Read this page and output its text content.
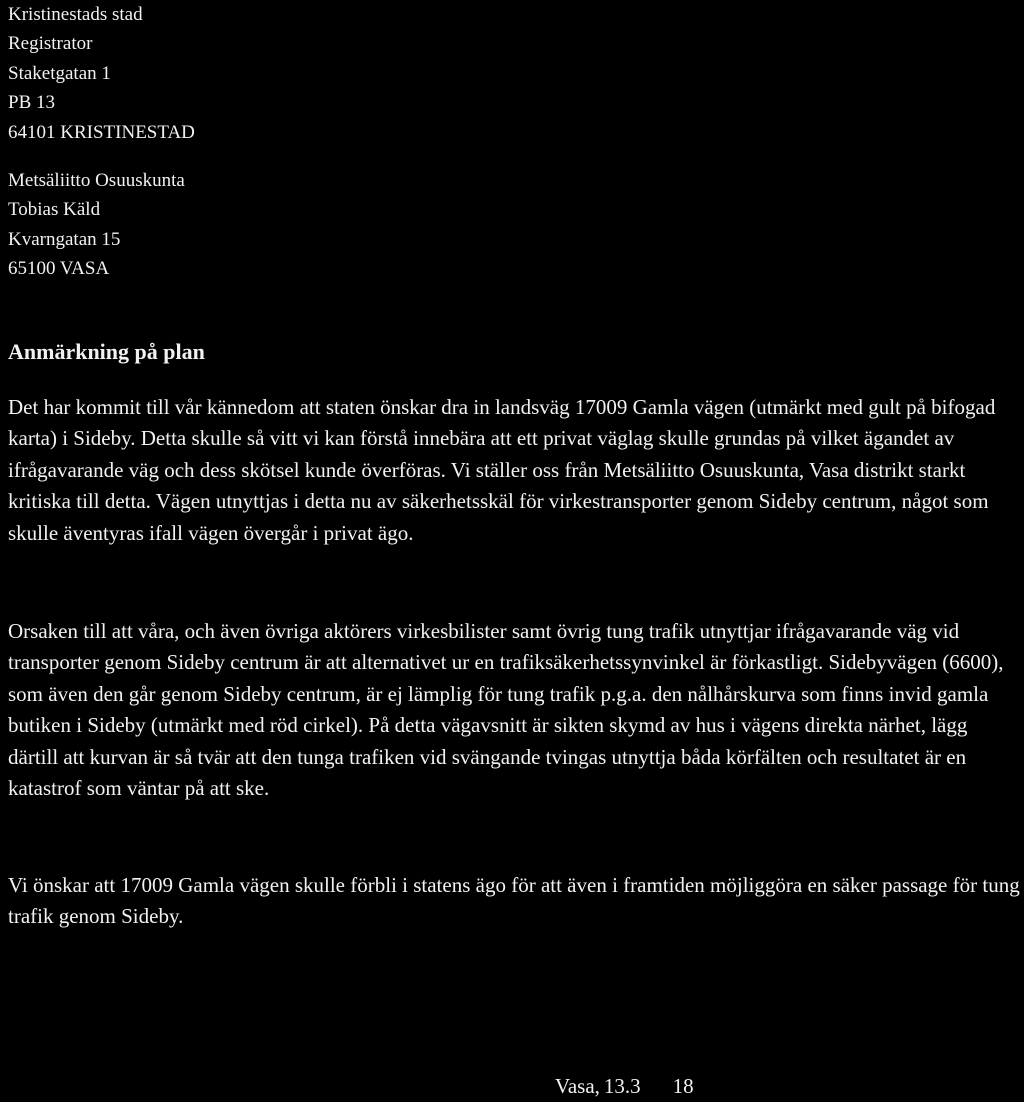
Kristinestads stad
Registrator
Staketgatan 1
PB 13
64101 KRISTINESTAD
Metsäliitto Osuuskunta
Tobias Käld
Kvarngatan 15
65100 VASA
Anmärkning på plan

Det har kommit till vår kännedom att staten önskar dra in landsväg 17009 Gamla vägen (utmärkt med gult på bifogad karta) i Sideby. Detta skulle så vitt vi kan förstå innebära att ett privat väglag skulle grundas på vilket ägandet av ifrågavarande väg och dess skötsel kunde överföras. Vi ställer oss från Metsäliitto Osuuskunta, Vasa distrikt starkt kritiska till detta. Vägen utnyttjas i detta nu av säkerhetsskäl för virkestransporter genom Sideby centrum, något som skulle äventyras ifall vägen övergår i privat ägo.

Orsaken till att våra, och även övriga aktörers virkesbilister samt övrig tung trafik utnyttjar ifrågavarande väg vid transporter genom Sideby centrum är att alternativet ur en trafiksäkerhetssynvinkel är förkastligt. Sidebyvägen (6600), som även den går genom Sideby centrum, är ej lämplig för tung trafik p.g.a. den nålhårskurva som finns invid gamla butiken i Sideby (utmärkt med röd cirkel). På detta vägavsnitt är sikten skymd av hus i vägens direkta närhet, lägg därtill att kurvan är så tvär att den tunga trafiken vid svängande tvingas utnyttja båda körfälten och resultatet är en katastrof som väntar på att ske.

Vi önskar att 17009 Gamla vägen skulle förbli i statens ägo för att även i framtiden möjliggöra en säker passage för tung trafik genom Sideby.

Vasa, 13.3 18
